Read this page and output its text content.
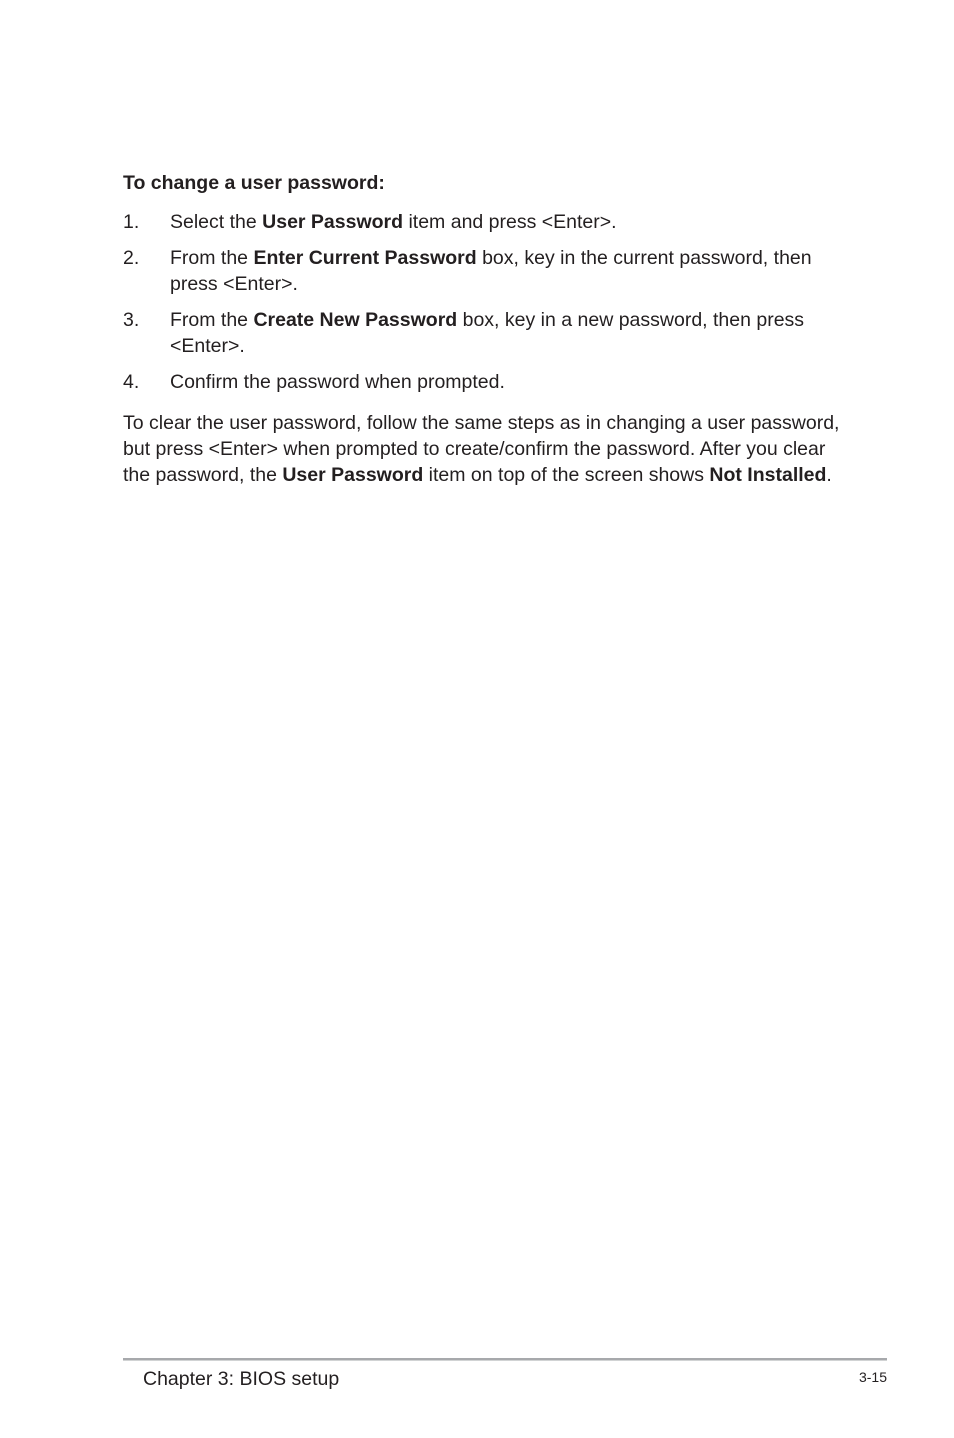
To change a user password:

1.	Select the User Password item and press <Enter>.
2.	From the Enter Current Password box, key in the current password, then press <Enter>.
3.	From the Create New Password box, key in a new password, then press <Enter>.
4.	Confirm the password when prompted.

To clear the user password, follow the same steps as in changing a user password, but press <Enter> when prompted to create/confirm the password. After you clear the password, the User Password item on top of the screen shows Not Installed.

Chapter 3: BIOS setup	3-15
